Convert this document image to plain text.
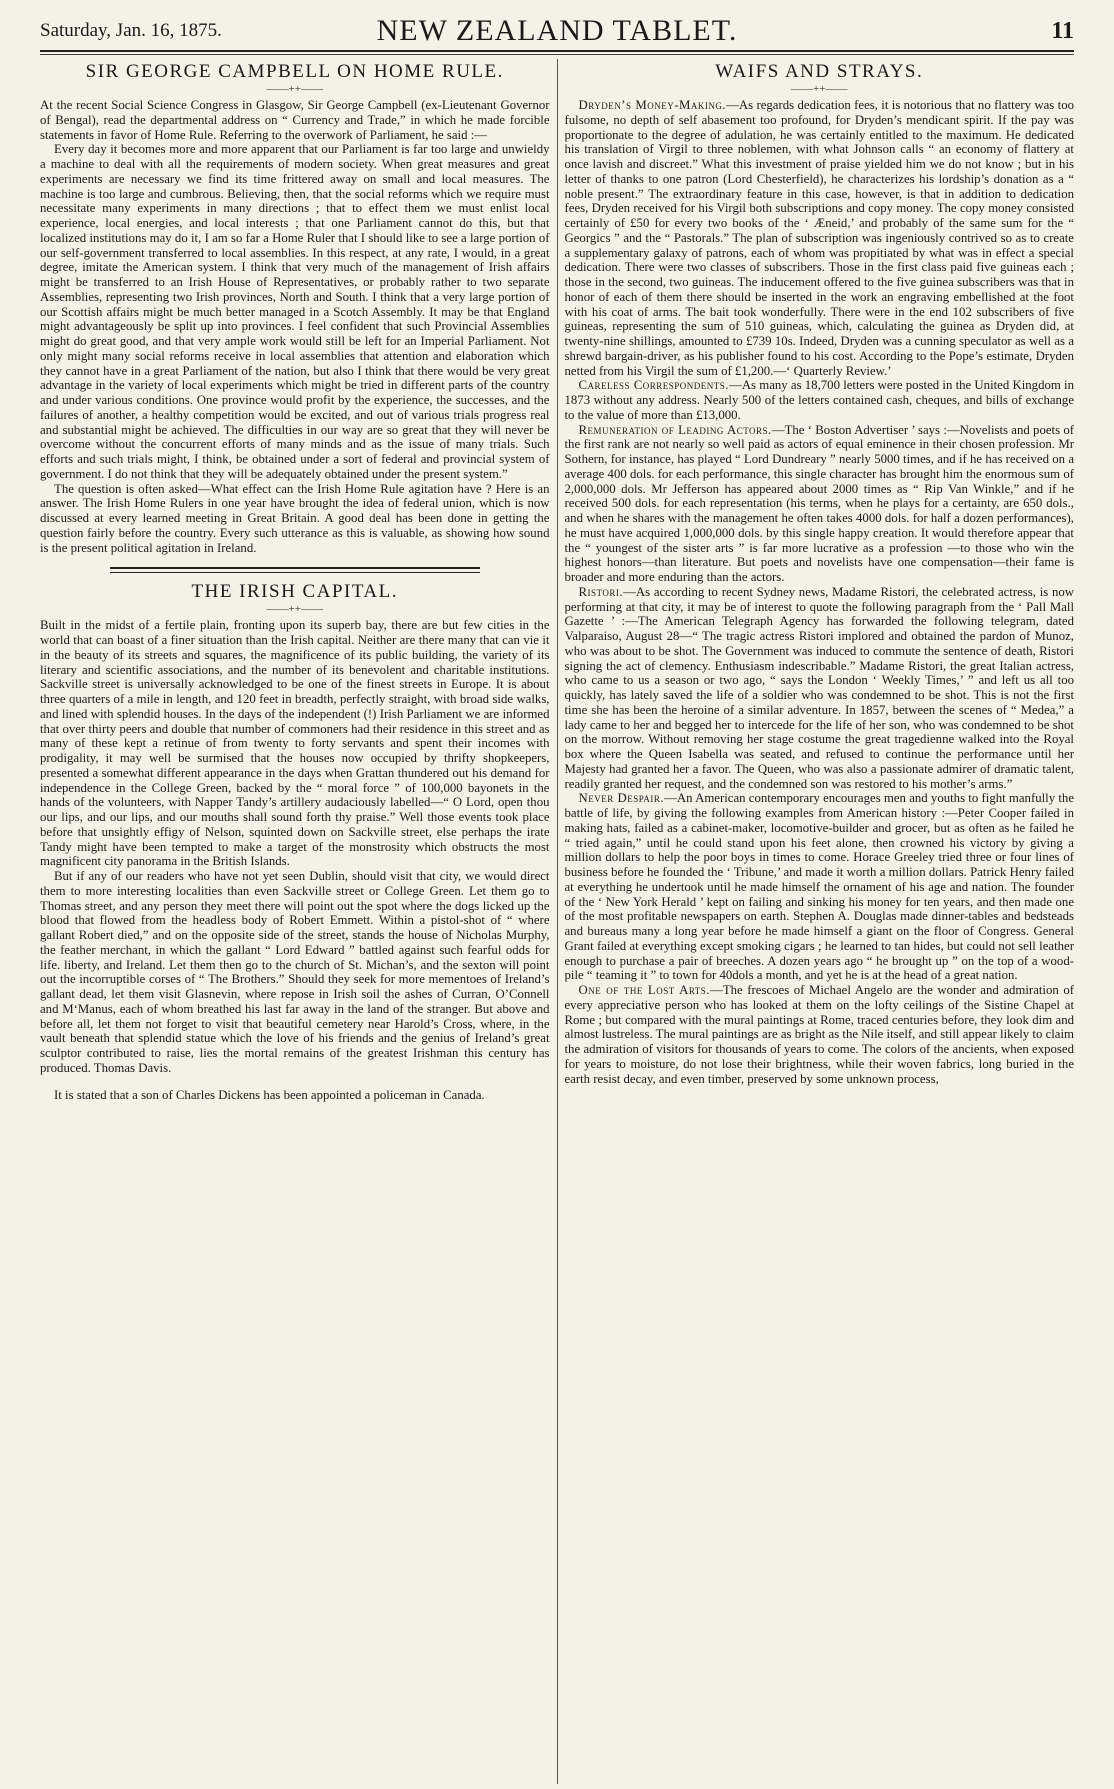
Saturday, Jan. 16, 1875.	NEW ZEALAND TABLET.	11
SIR GEORGE CAMPBELL ON HOME RULE.
——++——

At the recent Social Science Congress in Glasgow, Sir George Campbell (ex-Lieutenant Governor of Bengal), read the departmental address on “ Currency and Trade,” in which he made forcible statements in favor of Home Rule. Referring to the overwork of Parliament, he said :—

Every day it becomes more and more apparent that our Parliament is far too large and unwieldy a machine to deal with all the requirements of modern society. When great measures and great experiments are necessary we find its time frittered away on small and local measures. The machine is too large and cumbrous. Believing, then, that the social reforms which we require must necessitate many experiments in many directions ; that to effect them we must enlist local experience, local energies, and local interests ; that one Parliament cannot do this, but that localized institutions may do it, I am so far a Home Ruler that I should like to see a large portion of our self-government transferred to local assemblies. In this respect, at any rate, I would, in a great degree, imitate the American system. I think that very much of the management of Irish affairs might be transferred to an Irish House of Representatives, or probably rather to two separate Assemblies, representing two Irish provinces, North and South. I think that a very large portion of our Scottish affairs might be much better managed in a Scotch Assembly. It may be that England might advantageously be split up into provinces. I feel confident that such Provincial Assemblies might do great good, and that very ample work would still be left for an Imperial Parliament. Not only might many social reforms receive in local assemblies that attention and elaboration which they cannot have in a great Parliament of the nation, but also I think that there would be very great advantage in the variety of local experiments which might be tried in different parts of the country and under various conditions. One province would profit by the experience, the successes, and the failures of another, a healthy competition would be excited, and out of various trials progress real and substantial might be achieved. The difficulties in our way are so great that they will never be overcome without the concurrent efforts of many minds and as the issue of many trials. Such efforts and such trials might, I think, be obtained under a sort of federal and provincial system of government. I do not think that they will be adequately obtained under the present system.”

The question is often asked—What effect can the Irish Home Rule agitation have ? Here is an answer. The Irish Home Rulers in one year have brought the idea of federal union, which is now discussed at every learned meeting in Great Britain. A good deal has been done in getting the question fairly before the country. Every such utterance as this is valuable, as showing how sound is the present political agitation in Ireland.

THE IRISH CAPITAL.
——++——

Built in the midst of a fertile plain, fronting upon its superb bay, there are but few cities in the world that can boast of a finer situation than the Irish capital. Neither are there many that can vie it in the beauty of its streets and squares, the magnificence of its public building, the variety of its literary and scientific associations, and the number of its benevolent and charitable institutions. Sackville street is universally acknowledged to be one of the finest streets in Europe. It is about three quarters of a mile in length, and 120 feet in breadth, perfectly straight, with broad side walks, and lined with splendid houses. In the days of the independent (!) Irish Parliament we are informed that over thirty peers and double that number of commoners had their residence in this street and as many of these kept a retinue of from twenty to forty servants and spent their incomes with prodigality, it may well be surmised that the houses now occupied by thrifty shopkeepers, presented a somewhat different appearance in the days when Grattan thundered out his demand for independence in the College Green, backed by the “ moral force ” of 100,000 bayonets in the hands of the volunteers, with Napper Tandy’s artillery audaciously labelled—“ O Lord, open thou our lips, and our lips, and our mouths shall sound forth thy praise.” Well those events took place before that unsightly effigy of Nelson, squinted down on Sackville street, else perhaps the irate Tandy might have been tempted to make a target of the monstrosity which obstructs the most magnificent city panorama in the British Islands.

But if any of our readers who have not yet seen Dublin, should visit that city, we would direct them to more interesting localities than even Sackville street or College Green. Let them go to Thomas street, and any person they meet there will point out the spot where the dogs licked up the blood that flowed from the headless body of Robert Emmett. Within a pistol-shot of “ where gallant Robert died,” and on the opposite side of the street, stands the house of Nicholas Murphy, the feather merchant, in which the gallant “ Lord Edward ” battled against such fearful odds for life. liberty, and Ireland. Let them then go to the church of St. Michan’s, and the sexton will point out the incorruptible corses of “ The Brothers.” Should they seek for more mementoes of Ireland’s gallant dead, let them visit Glasnevin, where repose in Irish soil the ashes of Curran, O’Connell and M‘Manus, each of whom breathed his last far away in the land of the stranger. But above and before all, let them not forget to visit that beautiful cemetery near Harold’s Cross, where, in the vault beneath that splendid statue which the love of his friends and the genius of Ireland’s great sculptor contributed to raise, lies the mortal remains of the greatest Irishman this century has produced. Thomas Davis.

It is stated that a son of Charles Dickens has been appointed a policeman in Canada.

WAIFS AND STRAYS.
——++——

Dryden’s Money-Making.—As regards dedication fees, it is notorious that no flattery was too fulsome, no depth of self abasement too profound, for Dryden’s mendicant spirit. If the pay was proportionate to the degree of adulation, he was certainly entitled to the maximum. He dedicated his translation of Virgil to three noblemen, with what Johnson calls “ an economy of flattery at once lavish and discreet.” What this investment of praise yielded him we do not know ; but in his letter of thanks to one patron (Lord Chesterfield), he characterizes his lordship’s donation as a “ noble present.” The extraordinary feature in this case, however, is that in addition to dedication fees, Dryden received for his Virgil both subscriptions and copy money. The copy money consisted certainly of £50 for every two books of the ‘ Æneid,’ and probably of the same sum for the “ Georgics ” and the “ Pastorals.” The plan of subscription was ingeniously contrived so as to create a supplementary galaxy of patrons, each of whom was propitiated by what was in effect a special dedication. There were two classes of subscribers. Those in the first class paid five guineas each ; those in the second, two guineas. The inducement offered to the five guinea subscribers was that in honor of each of them there should be inserted in the work an engraving embellished at the foot with his coat of arms. The bait took wonderfully. There were in the end 102 subscribers of five guineas, representing the sum of 510 guineas, which, calculating the guinea as Dryden did, at twenty-nine shillings, amounted to £739 10s. Indeed, Dryden was a cunning speculator as well as a shrewd bargain-driver, as his publisher found to his cost. According to the Pope’s estimate, Dryden netted from his Virgil the sum of £1,200.—‘ Quarterly Review.’

Careless Correspondents.—As many as 18,700 letters were posted in the United Kingdom in 1873 without any address. Nearly 500 of the letters contained cash, cheques, and bills of exchange to the value of more than £13,000.

Remuneration of Leading Actors.—The ‘ Boston Advertiser ’ says :—Novelists and poets of the first rank are not nearly so well paid as actors of equal eminence in their chosen profession. Mr Sothern, for instance, has played “ Lord Dundreary ” nearly 5000 times, and if he has received on a average 400 dols. for each performance, this single character has brought him the enormous sum of 2,000,000 dols. Mr Jefferson has appeared about 2000 times as “ Rip Van Winkle,” and if he received 500 dols. for each representation (his terms, when he plays for a certainty, are 650 dols., and when he shares with the management he often takes 4000 dols. for half a dozen performances), he must have acquired 1,000,000 dols. by this single happy creation. It would therefore appear that the “ youngest of the sister arts ” is far more lucrative as a profession —to those who win the highest honors—than literature. But poets and novelists have one compensation—their fame is broader and more enduring than the actors.

Ristori.—As according to recent Sydney news, Madame Ristori, the celebrated actress, is now performing at that city, it may be of interest to quote the following paragraph from the ‘ Pall Mall Gazette ’ :—The American Telegraph Agency has forwarded the following telegram, dated Valparaiso, August 28—“ The tragic actress Ristori implored and obtained the pardon of Munoz, who was about to be shot. The Government was induced to commute the sentence of death, Ristori signing the act of clemency. Enthusiasm indescribable.” Madame Ristori, the great Italian actress, who came to us a season or two ago, “ says the London ‘ Weekly Times,’ ” and left us all too quickly, has lately saved the life of a soldier who was condemned to be shot. This is not the first time she has been the heroine of a similar adventure. In 1857, between the scenes of “ Medea,” a lady came to her and begged her to intercede for the life of her son, who was condemned to be shot on the morrow. Without removing her stage costume the great tragedienne walked into the Royal box where the Queen Isabella was seated, and refused to continue the performance until her Majesty had granted her a favor. The Queen, who was also a passionate admirer of dramatic talent, readily granted her request, and the condemned son was restored to his mother’s arms.”

Never Despair.—An American contemporary encourages men and youths to fight manfully the battle of life, by giving the following examples from American history :—Peter Cooper failed in making hats, failed as a cabinet-maker, locomotive-builder and grocer, but as often as he failed he “ tried again,” until he could stand upon his feet alone, then crowned his victory by giving a million dollars to help the poor boys in times to come. Horace Greeley tried three or four lines of business before he founded the ‘ Tribune,’ and made it worth a million dollars. Patrick Henry failed at everything he undertook until he made himself the ornament of his age and nation. The founder of the ‘ New York Herald ’ kept on failing and sinking his money for ten years, and then made one of the most profitable newspapers on earth. Stephen A. Douglas made dinner-tables and bedsteads and bureaus many a long year before he made himself a giant on the floor of Congress. General Grant failed at everything except smoking cigars ; he learned to tan hides, but could not sell leather enough to purchase a pair of breeches. A dozen years ago “ he brought up ” on the top of a wood-pile “ teaming it ” to town for 40dols a month, and yet he is at the head of a great nation.

One of the Lost Arts.—The frescoes of Michael Angelo are the wonder and admiration of every appreciative person who has looked at them on the lofty ceilings of the Sistine Chapel at Rome ; but compared with the mural paintings at Rome, traced centuries before, they look dim and almost lustreless. The mural paintings are as bright as the Nile itself, and still appear likely to claim the admiration of visitors for thousands of years to come. The colors of the ancients, when exposed for years to moisture, do not lose their brightness, while their woven fabrics, long buried in the earth resist decay, and even timber, preserved by some unknown process,
